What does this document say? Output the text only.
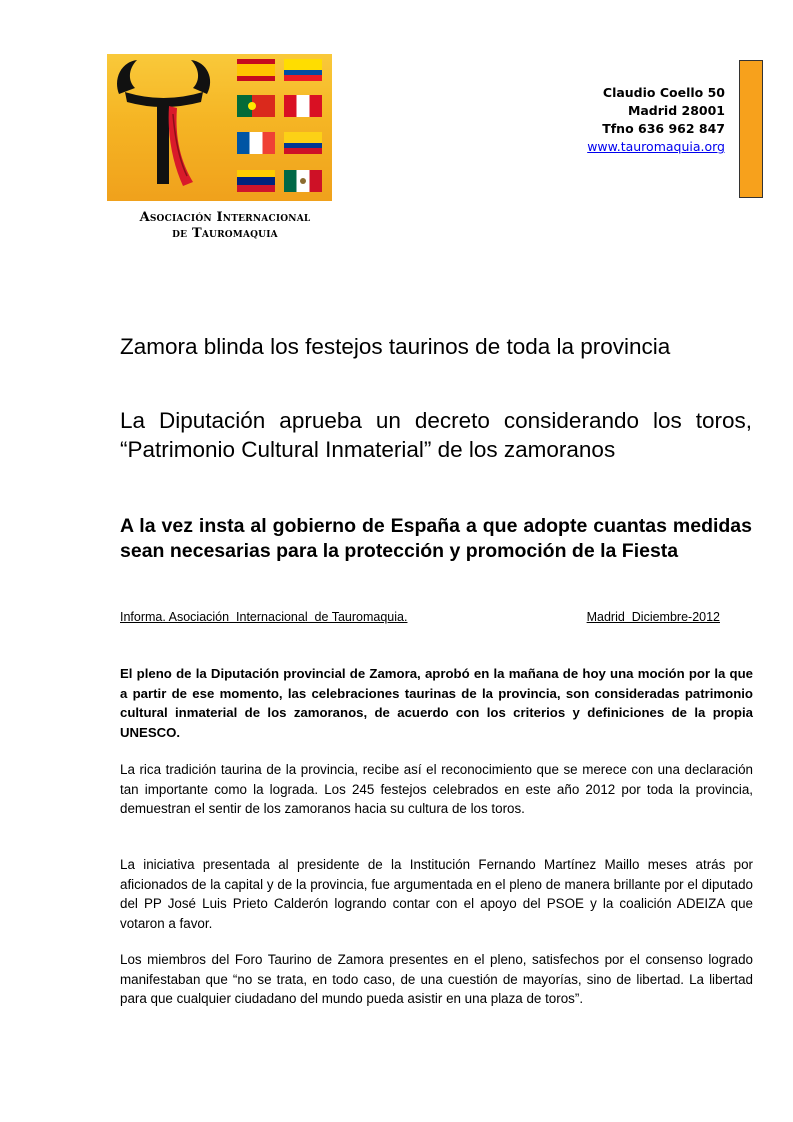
Asociación Internacional
de Tauromaquia
Claudio Coello 50
Madrid 28001
Tfno 636 962 847
www.tauromaquia.org
Zamora blinda los festejos taurinos de toda la provincia
La Diputación aprueba un decreto considerando los toros, “Patrimonio Cultural Inmaterial” de los zamoranos
A la vez insta al gobierno de España a que adopte cuantas medidas sean necesarias para la protección y promoción de la Fiesta
Informa. Asociación  Internacional  de Tauromaquia.	Madrid  Diciembre-2012

El pleno de la Diputación provincial de Zamora, aprobó en la mañana de hoy una moción por la que a partir de ese momento, las celebraciones taurinas de la provincia, son consideradas patrimonio cultural inmaterial de los zamoranos, de acuerdo con los criterios y definiciones de la propia UNESCO.

La rica tradición taurina de la provincia, recibe así el reconocimiento que se merece con una declaración tan importante como la lograda. Los 245 festejos celebrados en este año 2012 por toda la provincia, demuestran el sentir de los zamoranos hacia su cultura de los toros.

La iniciativa presentada al presidente de la Institución Fernando Martínez Maillo meses atrás por aficionados de la capital y de la provincia, fue argumentada en el pleno de manera brillante por el diputado del PP José Luis Prieto Calderón logrando contar con el apoyo del PSOE y la coalición ADEIZA que votaron a favor.

Los miembros del Foro Taurino de Zamora presentes en el pleno, satisfechos por el consenso logrado manifestaban que “no se trata, en todo caso, de una cuestión de mayorías, sino de libertad. La libertad para que cualquier ciudadano del mundo pueda asistir en una plaza de toros”.
